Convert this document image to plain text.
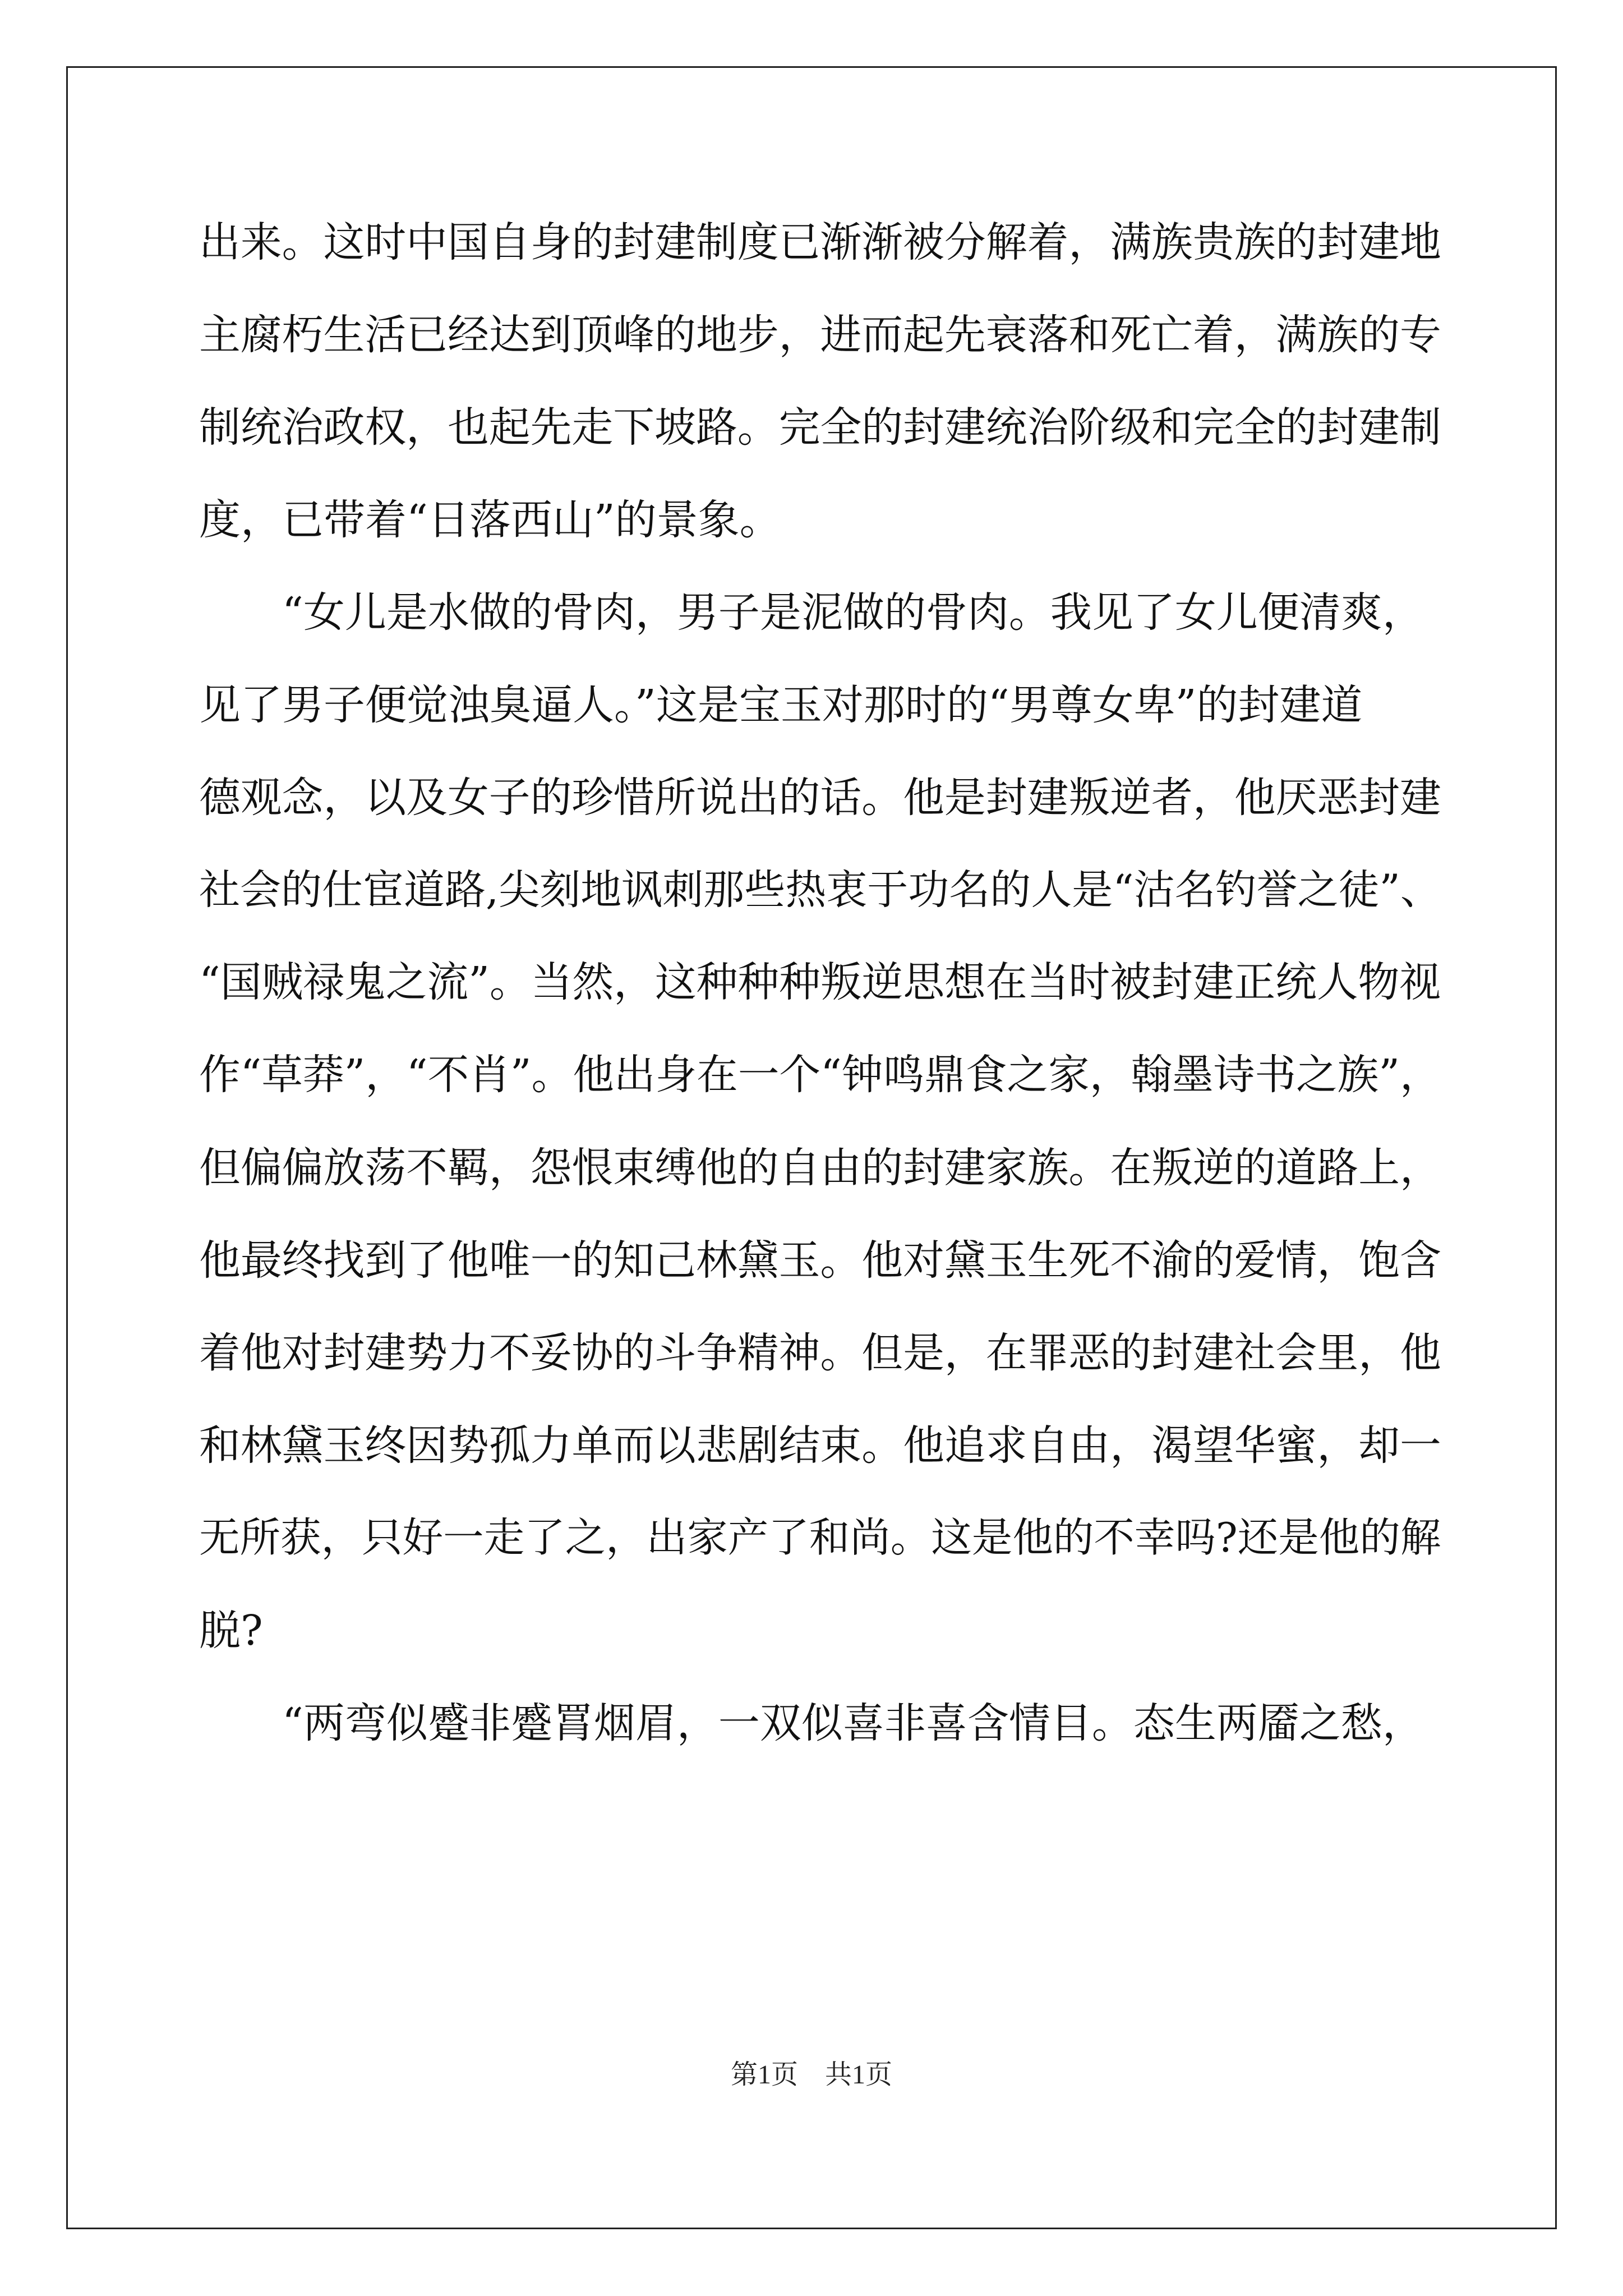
出来。这时中国自身的封建制度已渐渐被分解着，满族贵族的封建地

主腐朽生活已经达到顶峰的地步，进而起先衰落和死亡着，满族的专

制统治政权，也起先走下坡路。完全的封建统治阶级和完全的封建制

度，已带着“日落西山”的景象。

　　“女儿是水做的骨肉，男子是泥做的骨肉。我见了女儿便清爽，

见了男子便觉浊臭逼人。”这是宝玉对那时的“男尊女卑”的封建道

德观念，以及女子的珍惜所说出的话。他是封建叛逆者，他厌恶封建

社会的仕宦道路,尖刻地讽刺那些热衷于功名的人是“沽名钓誉之徒”、

“国贼禄鬼之流”。当然，这种种种叛逆思想在当时被封建正统人物视

作“草莽”，“不肖”。他出身在一个“钟鸣鼎食之家，翰墨诗书之族”，

但偏偏放荡不羁，怨恨束缚他的自由的封建家族。在叛逆的道路上，

他最终找到了他唯一的知己林黛玉。他对黛玉生死不渝的爱情，饱含

着他对封建势力不妥协的斗争精神。但是，在罪恶的封建社会里，他

和林黛玉终因势孤力单而以悲剧结束。他追求自由，渴望华蜜，却一

无所获，只好一走了之，出家产了和尚。这是他的不幸吗?还是他的解

脱?

　　“两弯似蹙非蹙罥烟眉，一双似喜非喜含情目。态生两靥之愁，

第1页　共1页
